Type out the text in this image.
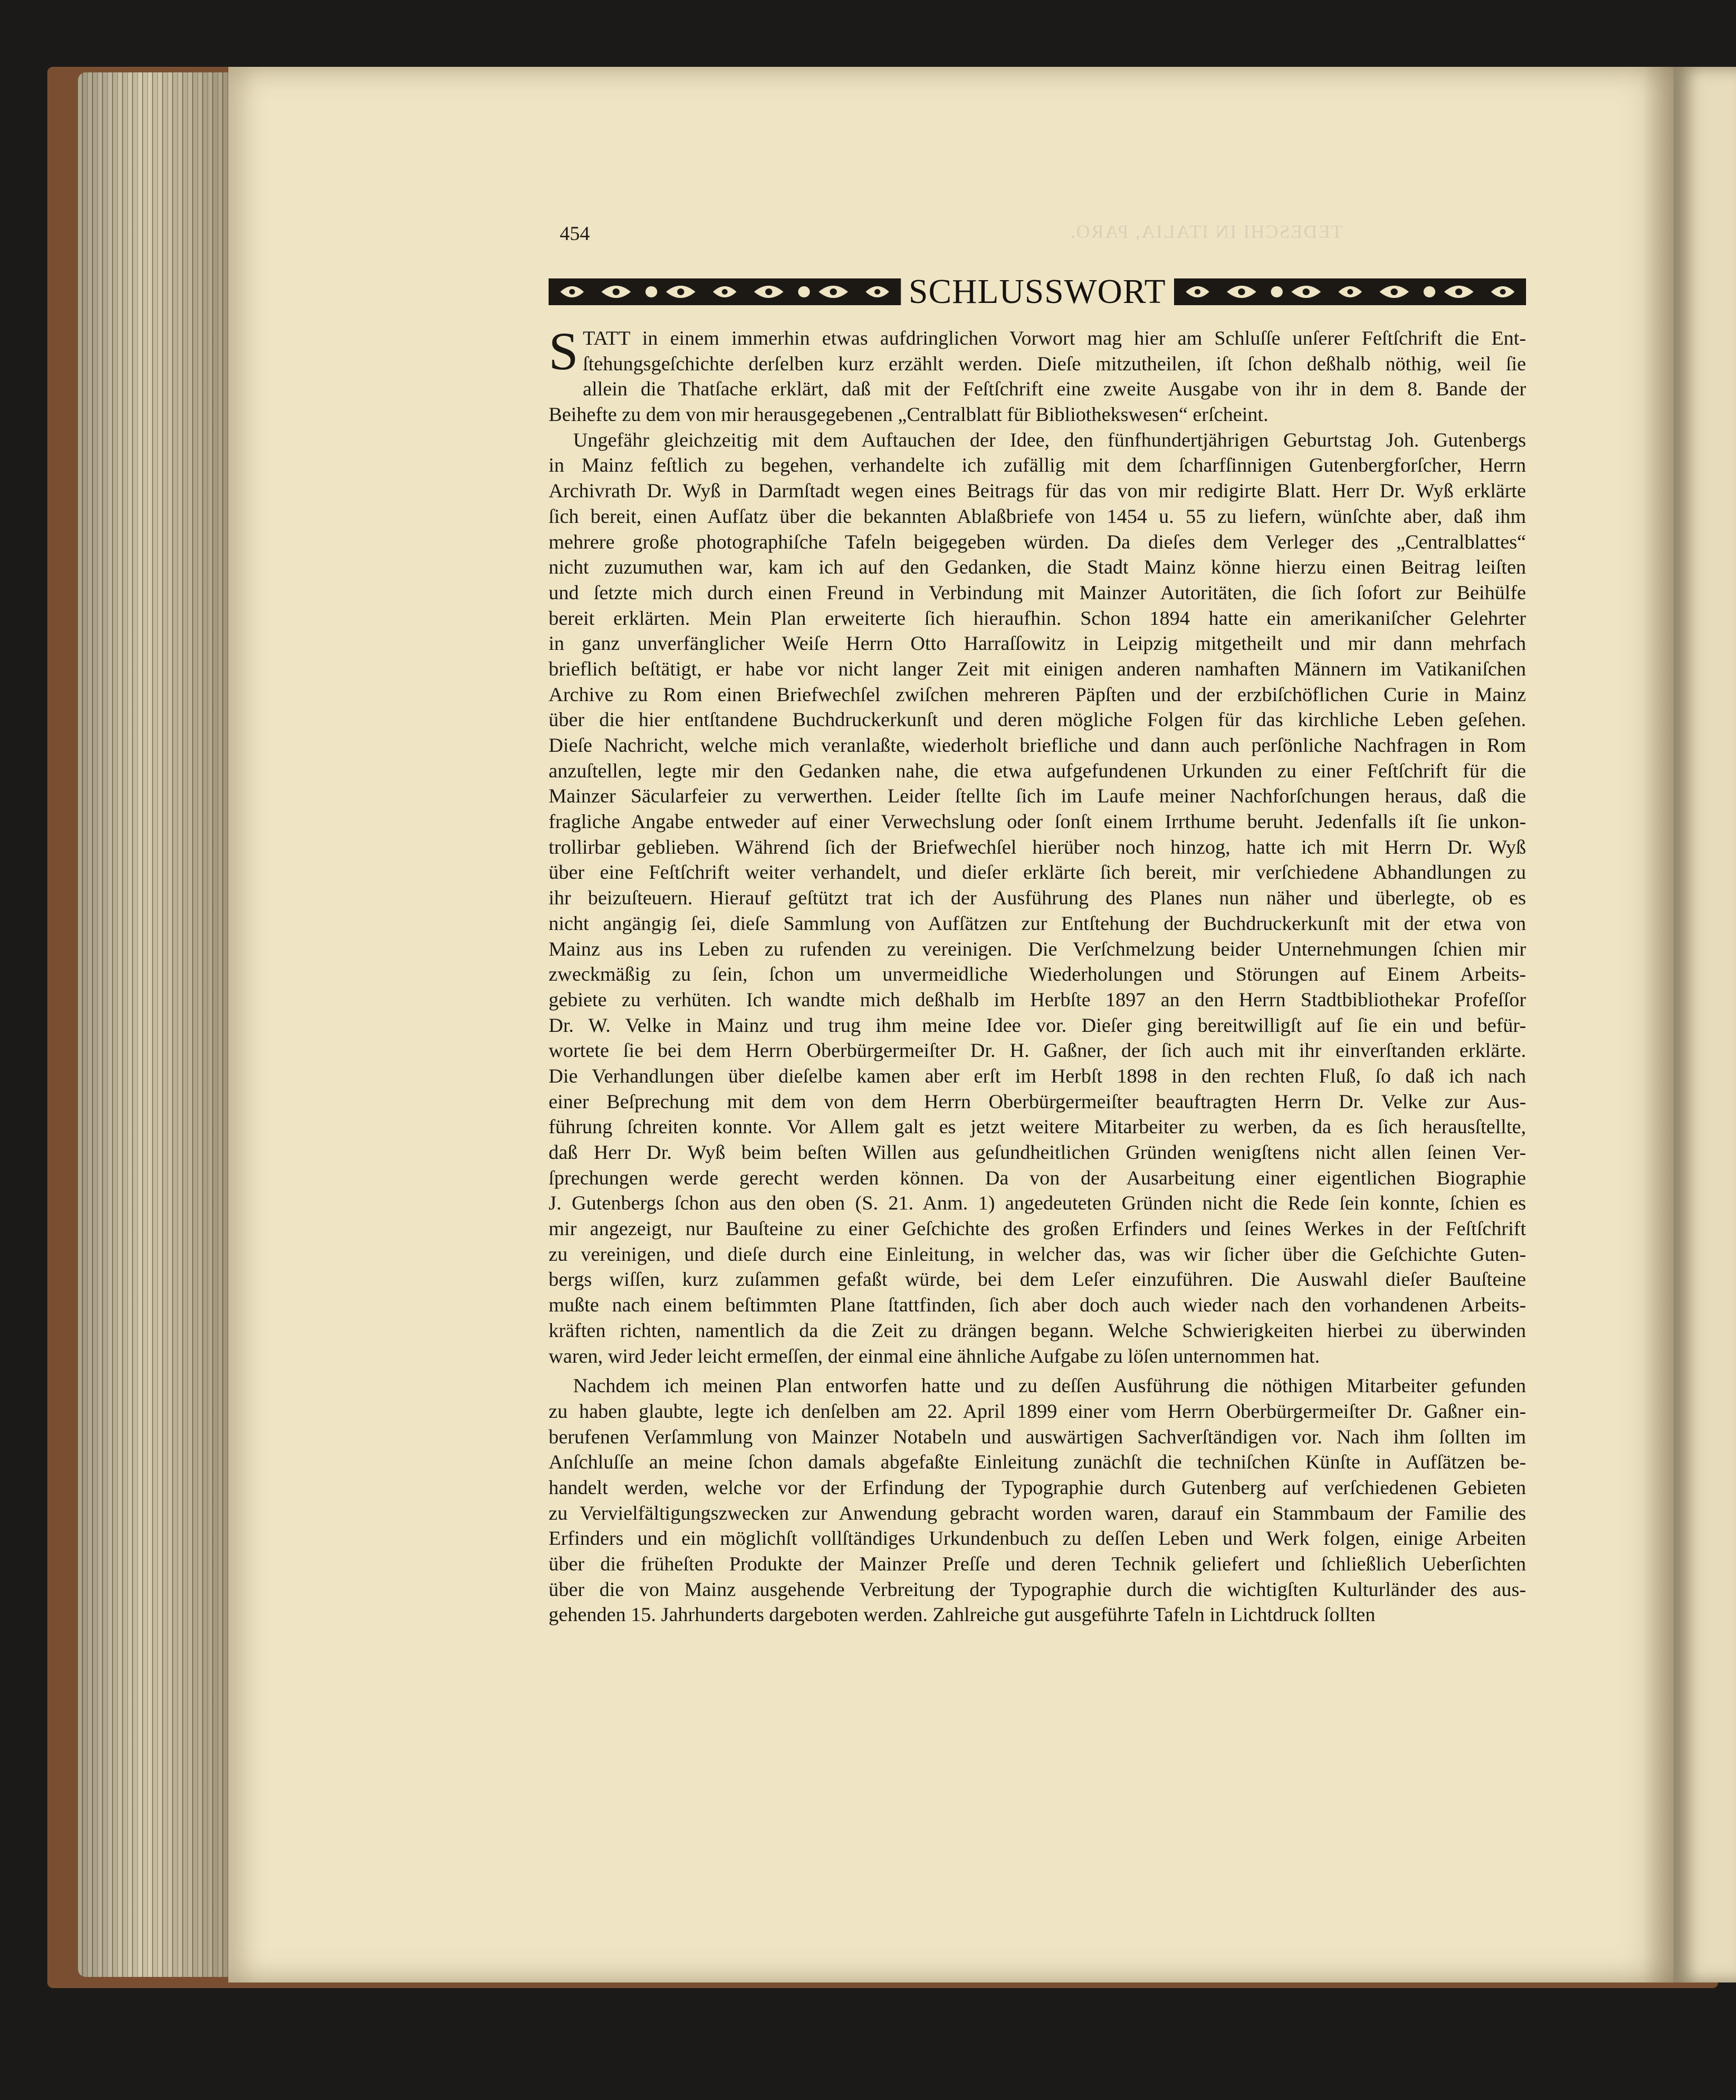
454	TEDESCHI IN ITALIA, PARO.
SCHLUSSWORT
S TATT in einem immerhin etwas aufdringlichen Vorwort mag hier am Schluſſe unſerer Feſtſchrift die Ent-
ſtehungsgeſchichte derſelben kurz erzählt werden. Dieſe mitzutheilen, iſt ſchon deßhalb nöthig, weil ſie
allein die Thatſache erklärt, daß mit der Feſtſchrift eine zweite Ausgabe von ihr in dem 8. Bande der
Beihefte zu dem von mir herausgegebenen „Centralblatt für Bibliothekswesen“ erſcheint.
Ungefähr gleichzeitig mit dem Auftauchen der Idee, den fünfhundertjährigen Geburtstag Joh. Gutenbergs
in Mainz feſtlich zu begehen, verhandelte ich zufällig mit dem ſcharfſinnigen Gutenbergforſcher, Herrn
Archivrath Dr. Wyß in Darmſtadt wegen eines Beitrags für das von mir redigirte Blatt. Herr Dr. Wyß erklärte
ſich bereit, einen Aufſatz über die bekannten Ablaßbriefe von 1454 u. 55 zu liefern, wünſchte aber, daß ihm
mehrere große photographiſche Tafeln beigegeben würden. Da dieſes dem Verleger des „Centralblattes“
nicht zuzumuthen war, kam ich auf den Gedanken, die Stadt Mainz könne hierzu einen Beitrag leiſten
und ſetzte mich durch einen Freund in Verbindung mit Mainzer Autoritäten, die ſich ſofort zur Beihülfe
bereit erklärten. Mein Plan erweiterte ſich hieraufhin. Schon 1894 hatte ein amerikaniſcher Gelehrter
in ganz unverfänglicher Weiſe Herrn Otto Harraſſowitz in Leipzig mitgetheilt und mir dann mehrfach
brieflich beſtätigt, er habe vor nicht langer Zeit mit einigen anderen namhaften Männern im Vatikaniſchen
Archive zu Rom einen Briefwechſel zwiſchen mehreren Päpſten und der erzbiſchöflichen Curie in Mainz
über die hier entſtandene Buchdruckerkunſt und deren mögliche Folgen für das kirchliche Leben geſehen.
Dieſe Nachricht, welche mich veranlaßte, wiederholt briefliche und dann auch perſönliche Nachfragen in Rom
anzuſtellen, legte mir den Gedanken nahe, die etwa aufgefundenen Urkunden zu einer Feſtſchrift für die
Mainzer Säcularfeier zu verwerthen. Leider ſtellte ſich im Laufe meiner Nachforſchungen heraus, daß die
fragliche Angabe entweder auf einer Verwechslung oder ſonſt einem Irrthume beruht. Jedenfalls iſt ſie unkon-
trollirbar geblieben. Während ſich der Briefwechſel hierüber noch hinzog, hatte ich mit Herrn Dr. Wyß
über eine Feſtſchrift weiter verhandelt, und dieſer erklärte ſich bereit, mir verſchiedene Abhandlungen zu
ihr beizuſteuern. Hierauf geſtützt trat ich der Ausführung des Planes nun näher und überlegte, ob es
nicht angängig ſei, dieſe Sammlung von Aufſätzen zur Entſtehung der Buchdruckerkunſt mit der etwa von
Mainz aus ins Leben zu rufenden zu vereinigen. Die Verſchmelzung beider Unternehmungen ſchien mir
zweckmäßig zu ſein, ſchon um unvermeidliche Wiederholungen und Störungen auf Einem Arbeits-
gebiete zu verhüten. Ich wandte mich deßhalb im Herbſte 1897 an den Herrn Stadtbibliothekar Profeſſor
Dr. W. Velke in Mainz und trug ihm meine Idee vor. Dieſer ging bereitwilligſt auf ſie ein und befür-
wortete ſie bei dem Herrn Oberbürgermeiſter Dr. H. Gaßner, der ſich auch mit ihr einverſtanden erklärte.
Die Verhandlungen über dieſelbe kamen aber erſt im Herbſt 1898 in den rechten Fluß, ſo daß ich nach
einer Beſprechung mit dem von dem Herrn Oberbürgermeiſter beauftragten Herrn Dr. Velke zur Aus-
führung ſchreiten konnte. Vor Allem galt es jetzt weitere Mitarbeiter zu werben, da es ſich herausſtellte,
daß Herr Dr. Wyß beim beſten Willen aus geſundheitlichen Gründen wenigſtens nicht allen ſeinen Ver-
ſprechungen werde gerecht werden können. Da von der Ausarbeitung einer eigentlichen Biographie
J. Gutenbergs ſchon aus den oben (S. 21. Anm. 1) angedeuteten Gründen nicht die Rede ſein konnte, ſchien es
mir angezeigt, nur Bauſteine zu einer Geſchichte des großen Erfinders und ſeines Werkes in der Feſtſchrift
zu vereinigen, und dieſe durch eine Einleitung, in welcher das, was wir ſicher über die Geſchichte Guten-
bergs wiſſen, kurz zuſammen gefaßt würde, bei dem Leſer einzuführen. Die Auswahl dieſer Bauſteine
mußte nach einem beſtimmten Plane ſtattfinden, ſich aber doch auch wieder nach den vorhandenen Arbeits-
kräften richten, namentlich da die Zeit zu drängen begann. Welche Schwierigkeiten hierbei zu überwinden
waren, wird Jeder leicht ermeſſen, der einmal eine ähnliche Aufgabe zu löſen unternommen hat.
Nachdem ich meinen Plan entworfen hatte und zu deſſen Ausführung die nöthigen Mitarbeiter gefunden
zu haben glaubte, legte ich denſelben am 22. April 1899 einer vom Herrn Oberbürgermeiſter Dr. Gaßner ein-
berufenen Verſammlung von Mainzer Notabeln und auswärtigen Sachverſtändigen vor. Nach ihm ſollten im
Anſchluſſe an meine ſchon damals abgefaßte Einleitung zunächſt die techniſchen Künſte in Aufſätzen be-
handelt werden, welche vor der Erfindung der Typographie durch Gutenberg auf verſchiedenen Gebieten
zu Vervielfältigungszwecken zur Anwendung gebracht worden waren, darauf ein Stammbaum der Familie des
Erfinders und ein möglichſt vollſtändiges Urkundenbuch zu deſſen Leben und Werk folgen, einige Arbeiten
über die früheſten Produkte der Mainzer Preſſe und deren Technik geliefert und ſchließlich Ueberſichten
über die von Mainz ausgehende Verbreitung der Typographie durch die wichtigſten Kulturländer des aus-
gehenden 15. Jahrhunderts dargeboten werden. Zahlreiche gut ausgeführte Tafeln in Lichtdruck ſollten
